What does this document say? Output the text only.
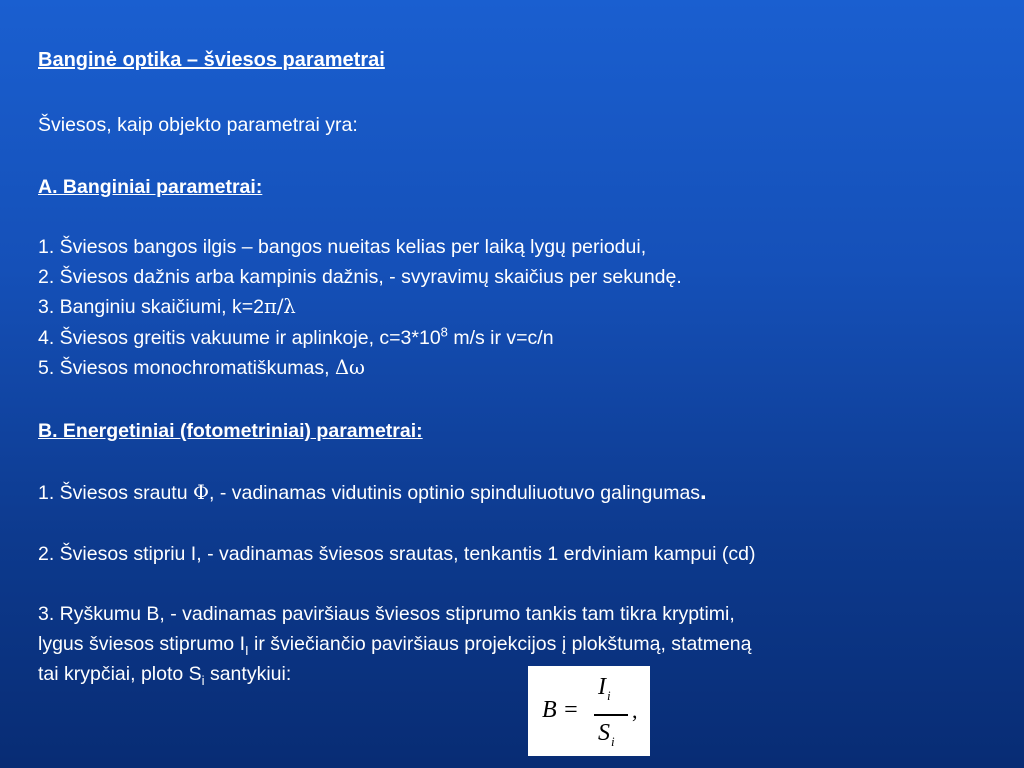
Banginė optika – šviesos parametrai
Šviesos, kaip objekto parametrai yra:
A. Banginiai parametrai:
1. Šviesos bangos ilgis – bangos nueitas kelias per laiką lygų periodui,
2. Šviesos dažnis arba kampinis dažnis, - svyravimų skaičius per sekundę.
3. Banginiu skaičiumi, k=2π/λ
4. Šviesos greitis vakuume ir aplinkoje, $c=3*10^8$ m/s ir v=c/n
5. Šviesos monochromatiškumas, Δω
B. Energetiniai (fotometriniai) parametrai:
1. Šviesos srautu Φ, - vadinamas vidutinis optinio spinduliuotuvo galingumas.
2. Šviesos stipriu I, - vadinamas šviesos srautas, tenkantis 1 erdviniam kampui (cd)
3. Ryškumu B, - vadinamas paviršiaus šviesos stiprumo tankis tam tikra kryptimi,
lygus šviesos stiprumo $I_I$ ir šviečiančio paviršiaus projekcijos į plokštumą, statmeną
tai krypčiai, ploto $S_i$ santykiui:
B =
$I_i$
$S_i$
,
